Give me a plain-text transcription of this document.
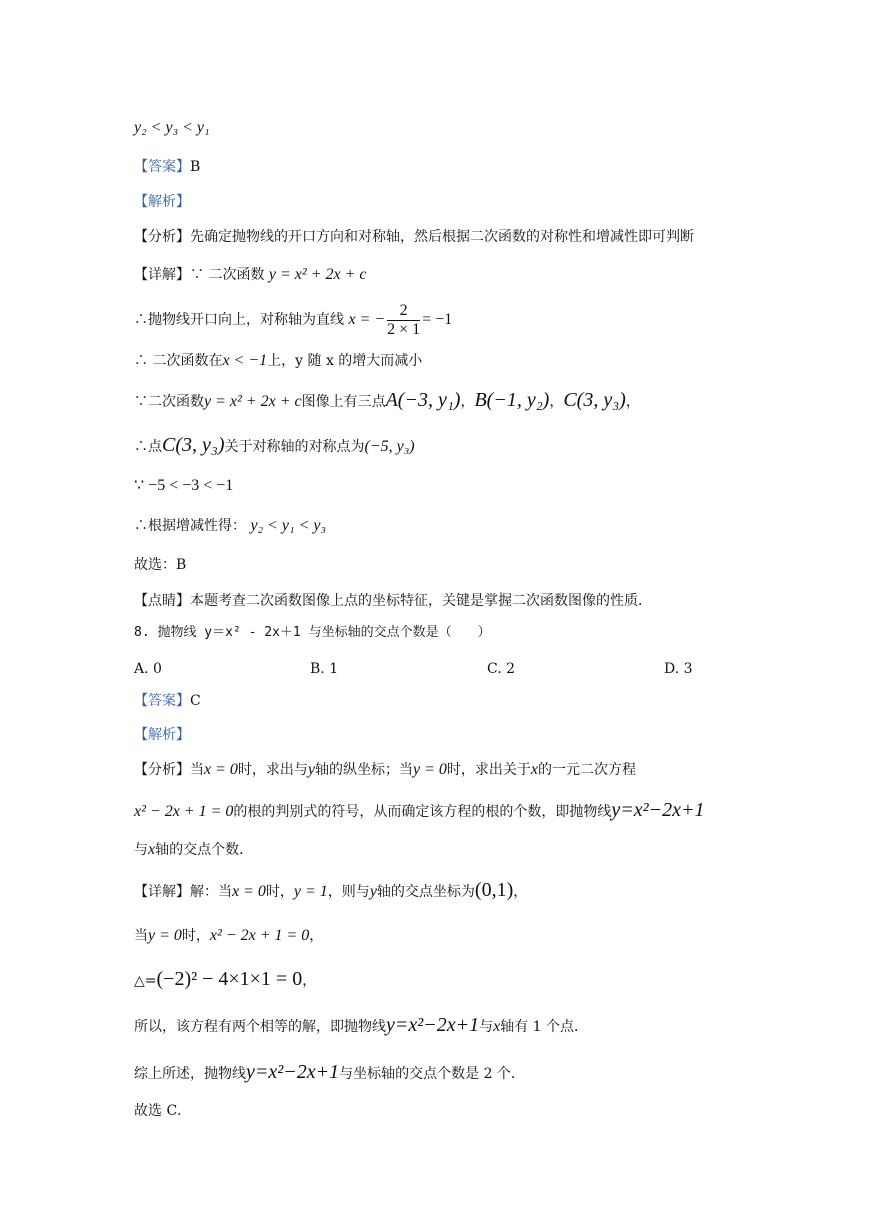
y₂ < y₃ < y₁
【答案】B
【解析】
【分析】先确定抛物线的开口方向和对称轴，然后根据二次函数的对称性和增减性即可判断
【详解】∵ 二次函数 y = x² + 2x + c
∴抛物线开口向上，对称轴为直线 x = − $\frac{2}{2 \times 1} = -1$
∴ 二次函数在x < −1上，y 随 x 的增大而减小
∵二次函数y = x² + 2x + c图像上有三点A(−3, y₁)，B(−1, y₂)，C(3, y₃)，
∴点C(3, y₃)关于对称轴的对称点为(−5, y₃)
∵ −5 < −3 < −1
∴根据增减性得： y₂ < y₁ < y₃
故选：B
【点睛】本题考查二次函数图像上点的坐标特征，关键是掌握二次函数图像的性质．
8. 抛物线 y＝x² - 2x＋1 与坐标轴的交点个数是（　　）
A. 0	B. 1	C. 2	D. 3
【答案】C
【解析】
【分析】当x = 0时，求出与y轴的纵坐标；当y = 0时，求出关于x的一元二次方程
x² − 2x + 1 = 0的根的判别式的符号，从而确定该方程的根的个数，即抛物线y=x²−2x+1
与x轴的交点个数．
【详解】解：当x = 0时，y = 1，则与y轴的交点坐标为(0,1)，
当y = 0时，x² − 2x + 1 = 0，
△=(−2)² − 4×1×1 = 0，
所以，该方程有两个相等的解，即抛物线y=x²−2x+1与x轴有 1 个点．
综上所述，抛物线y=x²−2x+1与坐标轴的交点个数是 2 个．
故选 C．
